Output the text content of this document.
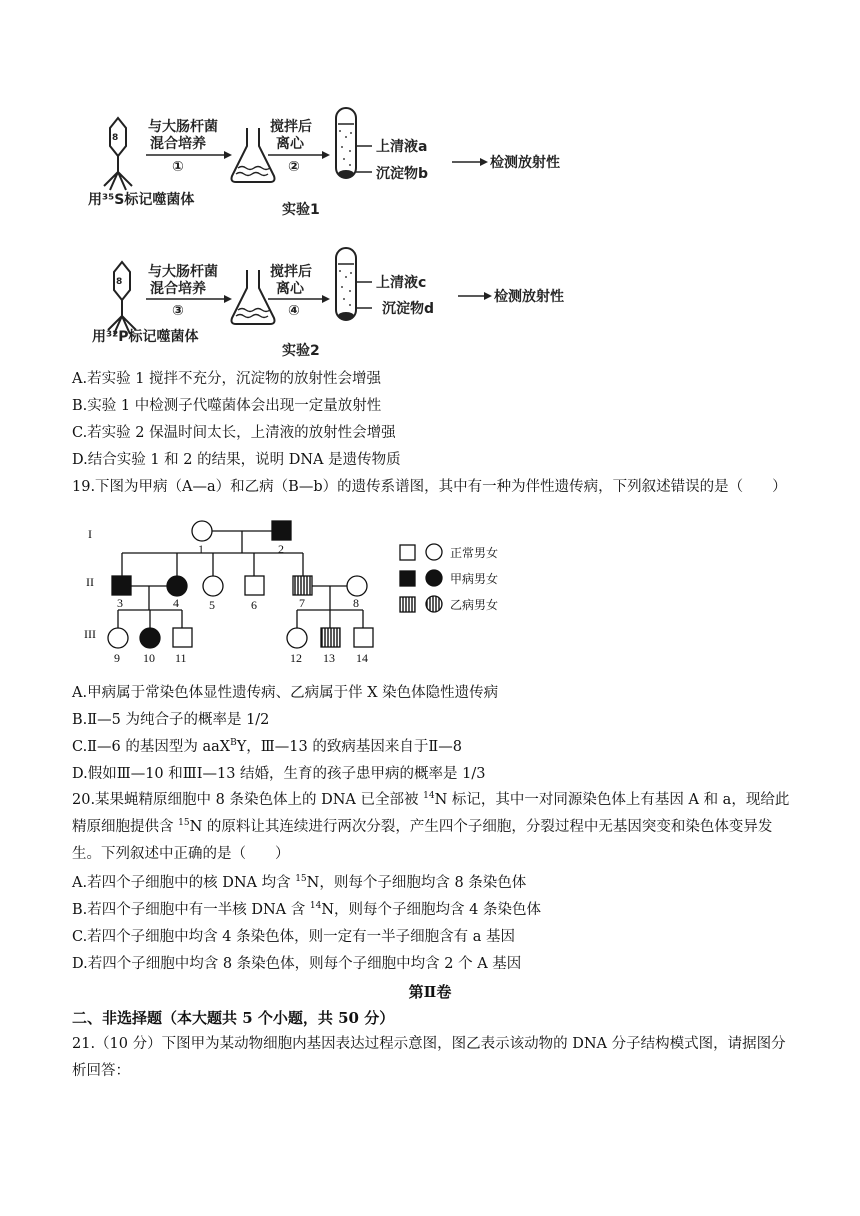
8
与大肠杆菌
混合培养
①
搅拌后
离心
②
上清液a
沉淀物b
检测放射性
用³⁵S标记噬菌体
实验1
8
与大肠杆菌
混合培养
③
搅拌后
离心
④
上清液c
沉淀物d
检测放射性
用³²P标记噬菌体
实验2
I
II
III
1	2
3	4	5	6	7	8
9 10 11	12 13 14
正常男女
甲病男女
乙病男女
A.若实验 1 搅拌不充分，沉淀物的放射性会增强
B.实验 1 中检测子代噬菌体会出现一定量放射性
C.若实验 2 保温时间太长，上清液的放射性会增强
D.结合实验 1 和 2 的结果，说明 DNA 是遗传物质
19.下图为甲病（A—a）和乙病（B—b）的遗传系谱图，其中有一种为伴性遗传病，下列叙述错误的是（　　）
A.甲病属于常染色体显性遗传病、乙病属于伴 X 染色体隐性遗传病
B.Ⅱ—5 为纯合子的概率是 1/2
C.Ⅱ—6 的基因型为 aaX$^B$Y，Ⅲ—13 的致病基因来自于Ⅱ—8
D.假如Ⅲ—10 和ⅢⅠ—13 结婚，生育的孩子患甲病的概率是 1/3
20.某果蝇精原细胞中 8 条染色体上的 DNA 已全部被 $^{14}$N 标记，其中一对同源染色体上有基因 A 和 a，现给此精原细胞提供含 $^{15}$N 的原料让其连续进行两次分裂，产生四个子细胞，分裂过程中无基因突变和染色体变异发生。下列叙述中正确的是（　　）
A.若四个子细胞中的核 DNA 均含 $^{15}$N，则每个子细胞均含 8 条染色体
B.若四个子细胞中有一半核 DNA 含 $^{14}$N，则每个子细胞均含 4 条染色体
C.若四个子细胞中均含 4 条染色体，则一定有一半子细胞含有 a 基因
D.若四个子细胞中均含 8 条染色体，则每个子细胞中均含 2 个 A 基因
第Ⅱ卷
二、非选择题（本大题共 5 个小题，共 50 分）
21.（10 分）下图甲为某动物细胞内基因表达过程示意图，图乙表示该动物的 DNA 分子结构模式图，请据图分析回答：
